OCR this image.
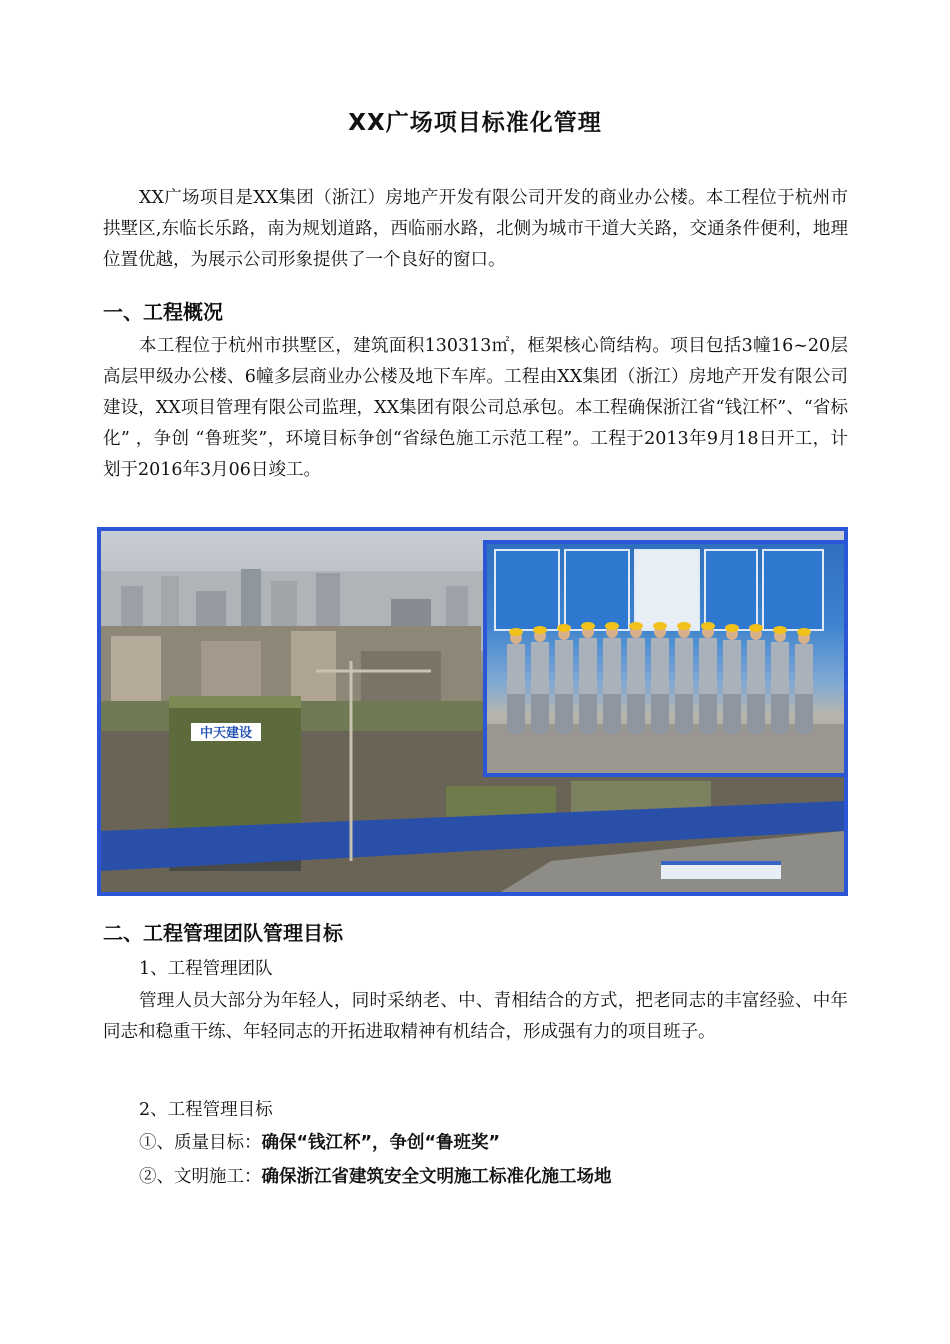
XX广场项目标准化管理

XX广场项目是XX集团（浙江）房地产开发有限公司开发的商业办公楼。本工程位于杭州市拱墅区,东临长乐路，南为规划道路，西临丽水路，北侧为城市干道大关路，交通条件便利，地理位置优越，为展示公司形象提供了一个良好的窗口。

一、工程概况

本工程位于杭州市拱墅区，建筑面积130313㎡，框架核心筒结构。项目包括3幢16~20层高层甲级办公楼、6幢多层商业办公楼及地下车库。工程由XX集团（浙江）房地产开发有限公司建设，XX项目管理有限公司监理，XX集团有限公司总承包。本工程确保浙江省“钱江杯”、“省标化” ，争创 “鲁班奖”，环境目标争创“省绿色施工示范工程”。工程于2013年9月18日开工，计划于2016年3月06日竣工。

中天建设
二、工程管理团队管理目标
1、工程管理团队

管理人员大部分为年轻人，同时采纳老、中、青相结合的方式，把老同志的丰富经验、中年同志和稳重干练、年轻同志的开拓进取精神有机结合，形成强有力的项目班子。

2、工程管理目标
①、质量目标：确保“钱江杯”，争创“鲁班奖”
②、文明施工：确保浙江省建筑安全文明施工标准化施工场地
